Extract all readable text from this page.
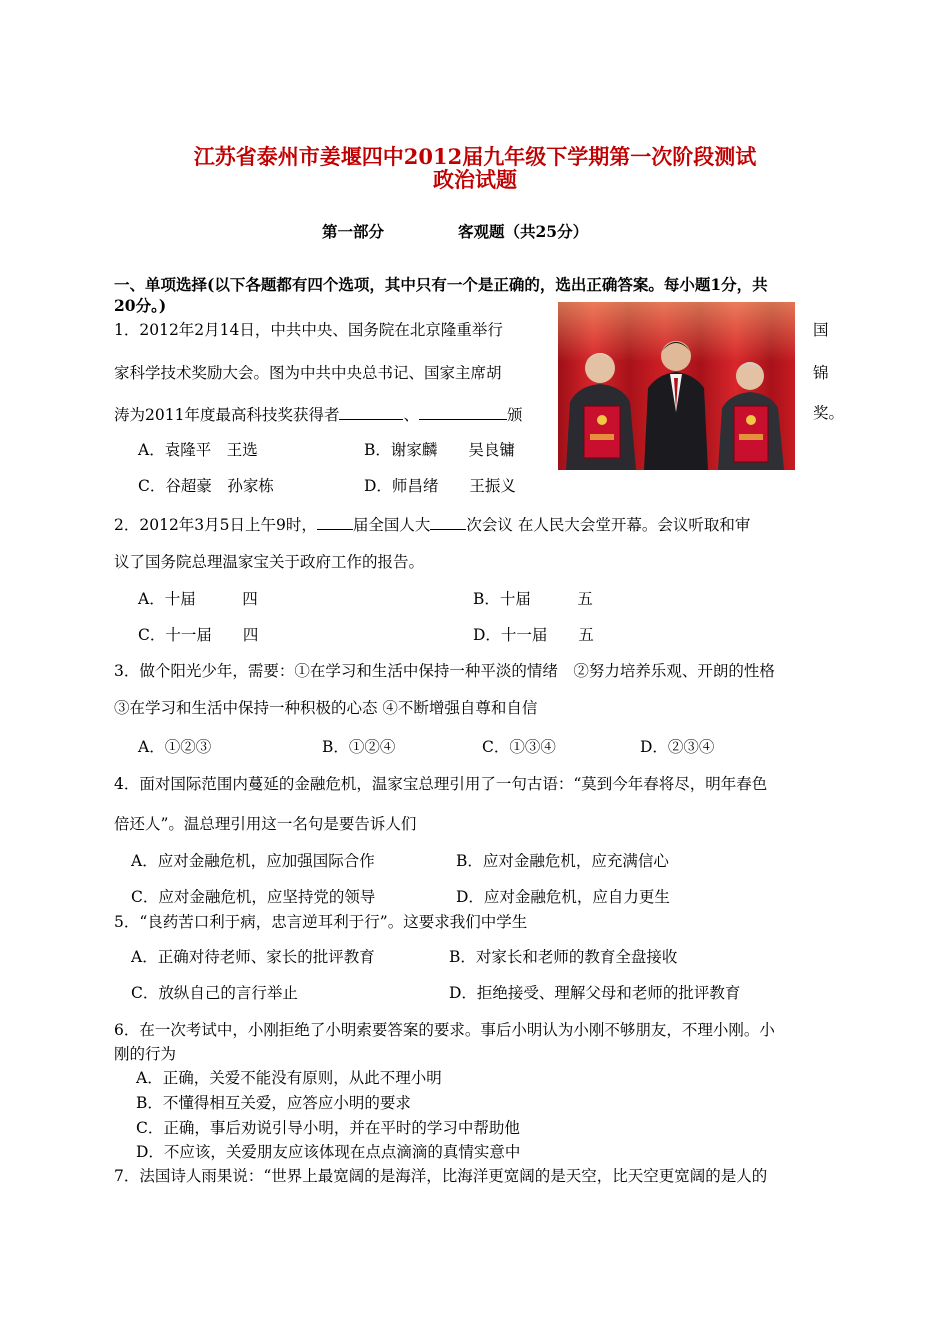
江苏省泰州市姜堰四中2012届九年级下学期第一次阶段测试
政治试题
第一部分	客观题（共25分）
一、单项选择(以下各题都有四个选项，其中只有一个是正确的，选出正确答案。每小题1分，共
20分。)
1．2012年2月14日，中共中央、国务院在北京隆重举行	国
家科学技术奖励大会。图为中共中央总书记、国家主席胡	锦
涛为2011年度最高科技奖获得者	、	颁	奖。
A．袁隆平　王选	B．谢家麟　　吴良镛
C．谷超豪　孙家栋	D．师昌绪　　王振义
2．2012年3月5日上午9时， 届全国人大 次会议 在人民大会堂开幕。会议听取和审
议了国务院总理温家宝关于政府工作的报告。
A．十届　　　四	B．十届　　　五
C．十一届　　四	D．十一届　　五
3．做个阳光少年，需要：①在学习和生活中保持一种平淡的情绪　②努力培养乐观、开朗的性格
③在学习和生活中保持一种积极的心态 ④不断增强自尊和自信
A．①②③	B．①②④	C．①③④	D．②③④
4．面对国际范围内蔓延的金融危机，温家宝总理引用了一句古语：“莫到今年春将尽，明年春色
倍还人”。温总理引用这一名句是要告诉人们
A．应对金融危机，应加强国际合作	B．应对金融危机，应充满信心
C．应对金融危机，应坚持党的领导	D．应对金融危机，应自力更生
5．“良药苦口利于病，忠言逆耳利于行”。这要求我们中学生
A．正确对待老师、家长的批评教育	B．对家长和老师的教育全盘接收
C．放纵自己的言行举止	D．拒绝接受、理解父母和老师的批评教育
6．在一次考试中，小刚拒绝了小明索要答案的要求。事后小明认为小刚不够朋友，不理小刚。小
刚的行为
A．正确，关爱不能没有原则，从此不理小明
B．不懂得相互关爱，应答应小明的要求
C．正确，事后劝说引导小明，并在平时的学习中帮助他
D．不应该，关爱朋友应该体现在点点滴滴的真情实意中
7．法国诗人雨果说：“世界上最宽阔的是海洋，比海洋更宽阔的是天空，比天空更宽阔的是人的
